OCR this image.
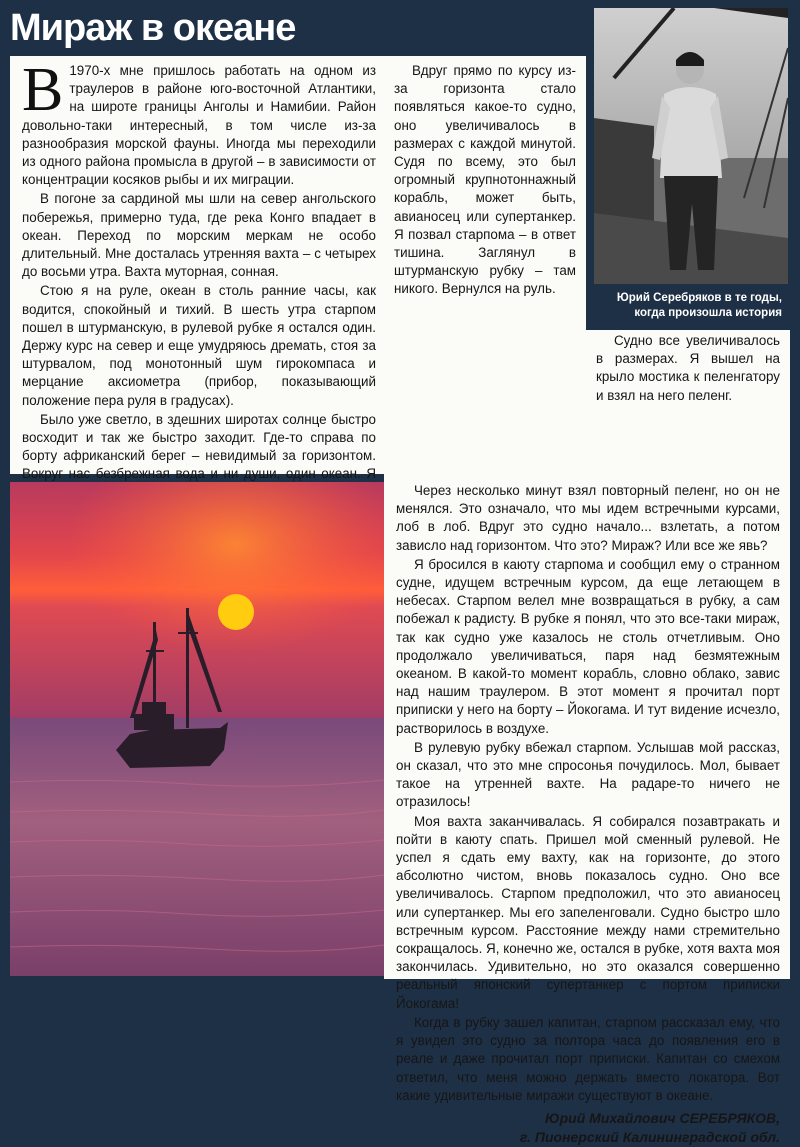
Мираж в океане
В 1970-х мне пришлось работать на одном из траулеров в районе юго-восточной Атлантики, на широте границы Анголы и Намибии. Район довольно-таки интересный, в том числе из-за разнообразия морской фауны. Иногда мы переходили из одного района промысла в другой – в зависимости от концентрации косяков рыбы и их миграции.

В погоне за сардиной мы шли на север ангольского побережья, примерно туда, где река Конго впадает в океан. Переход по морским меркам не особо длительный. Мне досталась утренняя вахта – с четырех до восьми утра. Вахта муторная, сонная.

Стою я на руле, океан в столь ранние часы, как водится, спокойный и тихий. В шесть утра старпом пошел в штурманскую, в рулевой рубке я остался один. Держу курс на север и еще умудряюсь дремать, стоя за штурвалом, под монотонный шум гирокомпаса и мерцание аксиометра (прибор, показывающий положение пера руля в градусах).

Было уже светло, в здешних широтах солнце быстро восходит и так же быстро заходит. Где-то справа по борту африканский берег – невидимый за горизонтом. Вокруг нас безбрежная вода и ни души, один океан. Я

Вдруг прямо по курсу из-за горизонта стало появляться какое-то судно, оно увеличивалось в размерах с каждой минутой. Судя по всему, это был огромный крупнотоннажный корабль, может быть, авианосец или супертанкер. Я позвал старпома – в ответ тишина. Заглянул в штурманскую рубку – там никого. Вернулся на руль.

Юрий Серебряков в те годы, когда произошла история

Судно все увеличивалось в размерах. Я вышел на крыло мостика к пеленгатору и взял на него пеленг.

Через несколько минут взял повторный пеленг, но он не менялся. Это означало, что мы идем встречными курсами, лоб в лоб. Вдруг это судно начало... взлетать, а потом зависло над горизонтом. Что это? Мираж? Или все же явь?

Я бросился в каюту старпома и сообщил ему о странном судне, идущем встречным курсом, да еще летающем в небесах. Старпом велел мне возвращаться в рубку, а сам побежал к радисту. В рубке я понял, что это все-таки мираж, так как судно уже казалось не столь отчетливым. Оно продолжало увеличиваться, паря над безмятежным океаном. В какой-то момент корабль, словно облако, завис над нашим траулером. В этот момент я прочитал порт приписки у него на борту – Йокогама. И тут видение исчезло, растворилось в воздухе.

В рулевую рубку вбежал старпом. Услышав мой рассказ, он сказал, что это мне спросонья почудилось. Мол, бывает такое на утренней вахте. На радаре-то ничего не отразилось!

Моя вахта заканчивалась. Я собирался позавтракать и пойти в каюту спать. Пришел мой сменный рулевой. Не успел я сдать ему вахту, как на горизонте, до этого абсолютно чистом, вновь показалось судно. Оно все увеличивалось. Старпом предположил, что это авианосец или супертанкер. Мы его запеленговали. Судно быстро шло встречным курсом. Расстояние между нами стремительно сокращалось. Я, конечно же, остался в рубке, хотя вахта моя закончилась. Удивительно, но это оказался совершенно реальный японский супертанкер с портом приписки Йокогама!

Когда в рубку зашел капитан, старпом рассказал ему, что я увидел это судно за полтора часа до появления его в реале и даже прочитал порт приписки. Капитан со смехом ответил, что меня можно держать вместо локатора. Вот какие удивительные миражи существуют в океане.

Юрий Михайлович СЕРЕБРЯКОВ,
г. Пионерский Калининградской обл.
